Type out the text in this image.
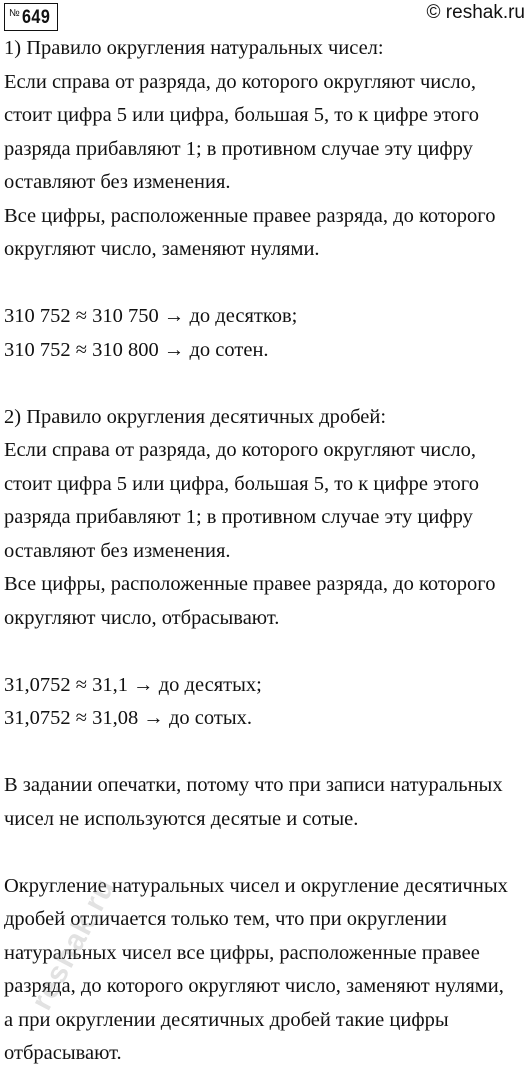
№ 649	© reshak.ru
1) Правило округления натуральных чисел:
Если справа от разряда, до которого округляют число,
стоит цифра 5 или цифра, большая 5, то к цифре этого
разряда прибавляют 1; в противном случае эту цифру
оставляют без изменения.
Все цифры, расположенные правее разряда, до которого
округляют число, заменяют нулями.
310 752 ≈ 310 750 → до десятков;
310 752 ≈ 310 800 → до сотен.
2) Правило округления десятичных дробей:
Если справа от разряда, до которого округляют число,
стоит цифра 5 или цифра, большая 5, то к цифре этого
разряда прибавляют 1; в противном случае эту цифру
оставляют без изменения.
Все цифры, расположенные правее разряда, до которого
округляют число, отбрасывают.
31,0752 ≈ 31,1 → до десятых;
31,0752 ≈ 31,08 → до сотых.
В задании опечатки, потому что при записи натуральных
чисел не используются десятые и сотые.
Округление натуральных чисел и округление десятичных
дробей отличается только тем, что при округлении
натуральных чисел все цифры, расположенные правее
разряда, до которого округляют число, заменяют нулями,
а при округлении десятичных дробей такие цифры
отбрасывают.
reshak.ru
